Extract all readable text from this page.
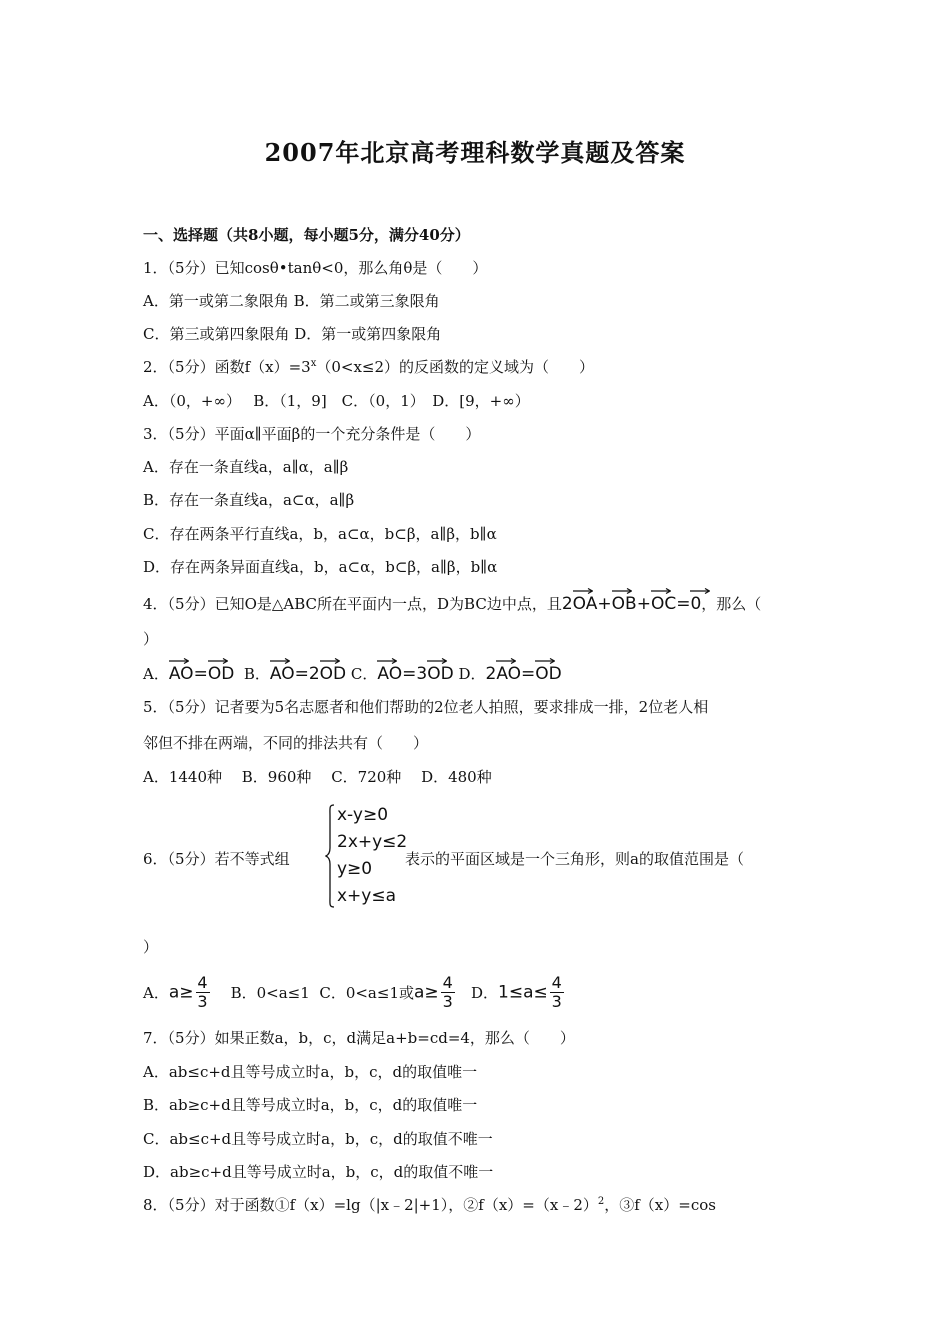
2007年北京高考理科数学真题及答案
一、选择题（共8小题，每小题5分，满分40分）
1．（5分）已知cosθ•tanθ<0，那么角θ是（　　）
A．第一或第二象限角 B．第二或第三象限角
C．第三或第四象限角 D．第一或第四象限角
2．（5分）函数$f(x)=3^x(0<x\le 2)$的反函数的定义域为（　　）
A．（0，+∞）　 B．（1，9]　C．（0，1）　D．[9，+∞）
3．（5分）平面α∥平面β的一个充分条件是（　　）
A．存在一条直线a，a∥α，a∥β
B．存在一条直线a，a⊂α，a∥β
C．存在两条平行直线a，b，a⊂α，b⊂β，a∥β，b∥α
D．存在两条异面直线a，b，a⊂α，b⊂β，a∥β，b∥α
4．（5分）已知O是△ABC所在平面内一点，D为BC边中点，且2
OA+
OB+
OC=
0，那么（
）
A．
AO=
OD B．
AO=2
OD C．
AO=3
OD D．2
AO=
OD
5．（5分）记者要为5名志愿者和他们帮助的2位老人拍照，要求排成一排，2位老人相
邻但不排在两端，不同的排法共有（　　）
A．1440种　 B．960种　 C．720种　 D．480种
6．（5分）若不等式组
x-y≥0
2x+y≤2
y≥0
x+y≤a
表示的平面区域是一个三角形，则a的取值范围是（
）
A．$a\ge \frac{4}{3}$ B．0<a≤1 C．0<a≤1或$a\ge \frac{4}{3}$ D．$1\le a\le \frac{4}{3}$
7．（5分）如果正数a，b，c，d满足a+b=cd=4，那么（　　）
A．ab≤c+d且等号成立时a，b，c，d的取值唯一
B．ab≥c+d且等号成立时a，b，c，d的取值唯一
C．ab≤c+d且等号成立时a，b，c，d的取值不唯一
D．ab≥c+d且等号成立时a，b，c，d的取值不唯一
8．（5分）对于函数①f（x）=lg（|x﹣2|+1），②f（x）=（x﹣2）$^2$，③f（x）=cos
